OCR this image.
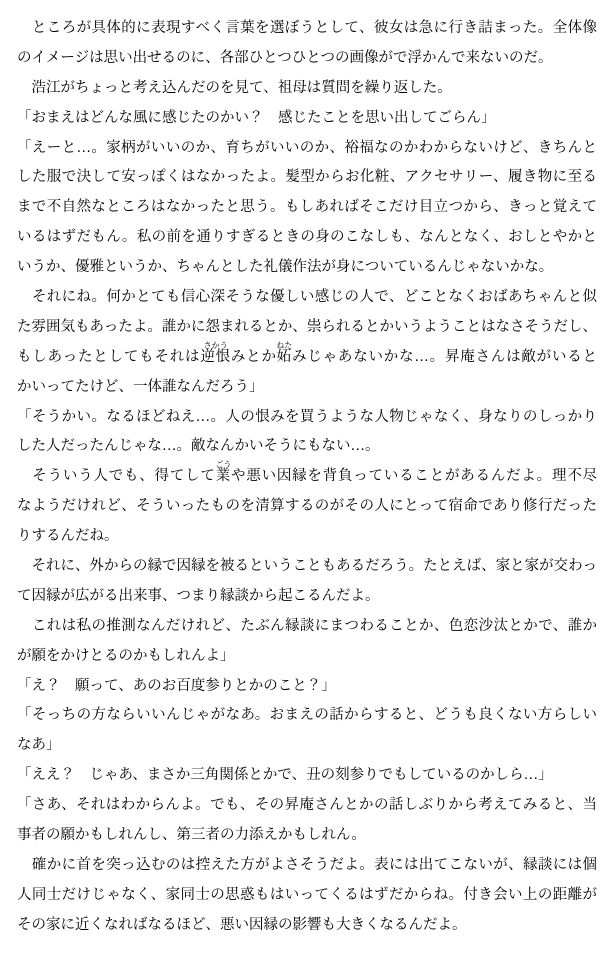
　ところが具体的に表現すべく言葉を選ぼうとして、彼女は急に行き詰まった。全体像
のイメージは思い出せるのに、各部ひとつひとつの画像がで浮かんで来ないのだ。
　浩江がちょっと考え込んだのを見て、祖母は質問を繰り返した。
「おまえはどんな風に感じたのかい？　感じたことを思い出してごらん」
「えーと…。家柄がいいのか、育ちがいいのか、裕福なのかわからないけど、きちんと
した服で決して安っぽくはなかったよ。髪型からお化粧、アクセサリー、履き物に至る
まで不自然なところはなかったと思う。もしあればそこだけ目立つから、きっと覚えて
いるはずだもん。私の前を通りすぎるときの身のこなしも、なんとなく、おしとやかと
いうか、優雅というか、ちゃんとした礼儀作法が身についているんじゃないかな。
　それにね。何かとても信心深そうな優しい感じの人で、どことなくおばあちゃんと似
た雰囲気もあったよ。誰かに怨まれるとか、祟られるとかいうようことはなさそうだし、
もしあったとしてもそれは逆恨
さかう
みとか妬
ねた
みじゃあないかな…。昇庵さんは敵がいると
かいってたけど、一体誰なんだろう」
「そうかい。なるほどねえ…。人の恨みを買うような人物じゃなく、身なりのしっかり
した人だったんじゃな…。敵なんかいそうにもない…。
　そういう人でも、得てして業
ごう
や悪い因縁を背負っていることがあるんだよ。理不尽
なようだけれど、そういったものを清算するのがその人にとって宿命であり修行だった
りするんだね。
　それに、外からの縁で因縁を被るということもあるだろう。たとえば、家と家が交わっ
て因縁が広がる出来事、つまり縁談から起こるんだよ。
　これは私の推測なんだけれど、たぶん縁談にまつわることか、色恋沙汰とかで、誰か
が願をかけとるのかもしれんよ」
「え？　願って、あのお百度参りとかのこと？」
「そっちの方ならいいんじゃがなあ。おまえの話からすると、どうも良くない方らしい
なあ」
「ええ？　じゃあ、まさか三角関係とかで、丑の刻参りでもしているのかしら…」
「さあ、それはわからんよ。でも、その昇庵さんとかの話しぶりから考えてみると、当
事者の願かもしれんし、第三者の力添えかもしれん。
　確かに首を突っ込むのは控えた方がよさそうだよ。表には出てこないが、縁談には個
人同士だけじゃなく、家同士の思惑もはいってくるはずだからね。付き会い上の距離が
その家に近くなればなるほど、悪い因縁の影響も大きくなるんだよ。
